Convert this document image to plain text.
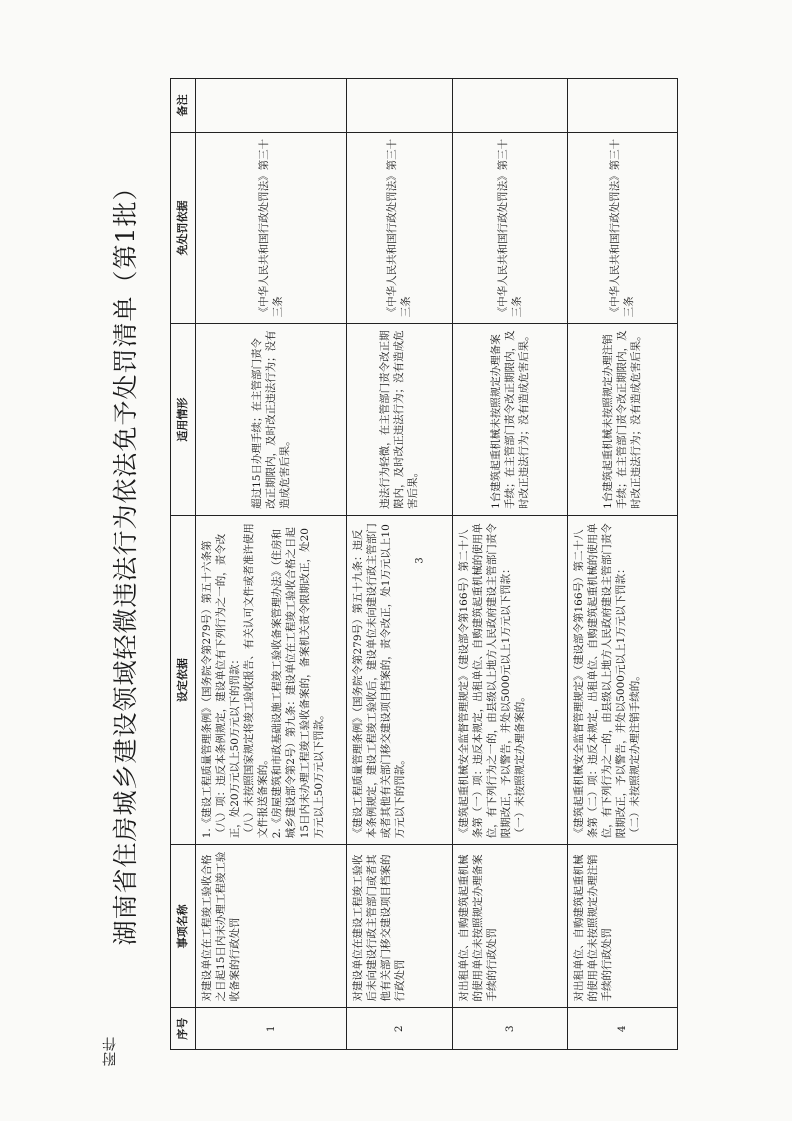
附件
3
湖南省住房城乡建设领域轻微违法行为依法免予处罚清单（第1批）
序号	事项名称	设定依据	适用情形	免处罚依据	备注
1	对建设单位在工程竣工验收合格之日起15日内未办理工程竣工验收备案的行政处罚	1.《建设工程质量管理条例》（国务院令第279号）第五十六条第（八）项：违反本条例规定，建设单位有下列行为之一的，责令改正，处20万元以上50万元以下的罚款： （八）未按照国家规定将竣工验收报告、有关认可文件或者准许使用文件报送备案的。 2.《房屋建筑和市政基础设施工程竣工验收备案管理办法》（住房和城乡建设部令第2号）第九条：建设单位在工程竣工验收合格之日起15日内未办理工程竣工验收备案的，备案机关责令限期改正，处20万元以上50万元以下罚款。	超过15日办理手续；在主管部门责令改正期限内，及时改正违法行为；没有造成危害后果。	《中华人民共和国行政处罚法》第三十三条	
2	对建设单位在建设工程竣工验收后未向建设行政主管部门或者其他有关部门移交建设项目档案的行政处罚	《建设工程质量管理条例》（国务院令第279号）第五十九条：违反本条例规定，建设工程竣工验收后，建设单位未向建设行政主管部门或者其他有关部门移交建设项目档案的，责令改正，处1万元以上10万元以下的罚款。	违法行为轻微，在主管部门责令改正期限内，及时改正违法行为；没有造成危害后果。	《中华人民共和国行政处罚法》第三十三条	
3	对出租单位、自购建筑起重机械的使用单位未按照规定办理备案手续的行政处罚	《建筑起重机械安全监督管理规定》（建设部令第166号）第二十八条第（一）项：违反本规定，出租单位、自购建筑起重机械的使用单位，有下列行为之一的，由县级以上地方人民政府建设主管部门责令限期改正，予以警告，并处以5000元以上1万元以下罚款： （一）未按照规定办理备案的。	1台建筑起重机械未按照规定办理备案手续；在主管部门责令改正期限内，及时改正违法行为；没有造成危害后果。	《中华人民共和国行政处罚法》第三十三条	
4	对出租单位、自购建筑起重机械的使用单位未按照规定办理注销手续的行政处罚	《建筑起重机械安全监督管理规定》（建设部令第166号）第二十八条第（二）项：违反本规定，出租单位、自购建筑起重机械的使用单位，有下列行为之一的，由县级以上地方人民政府建设主管部门责令限期改正，予以警告，并处以5000元以上1万元以下罚款： （二）未按照规定办理注销手续的。	1台建筑起重机械未按照规定办理注销手续；在主管部门责令改正期限内，及时改正违法行为；没有造成危害后果。	《中华人民共和国行政处罚法》第三十三条	
